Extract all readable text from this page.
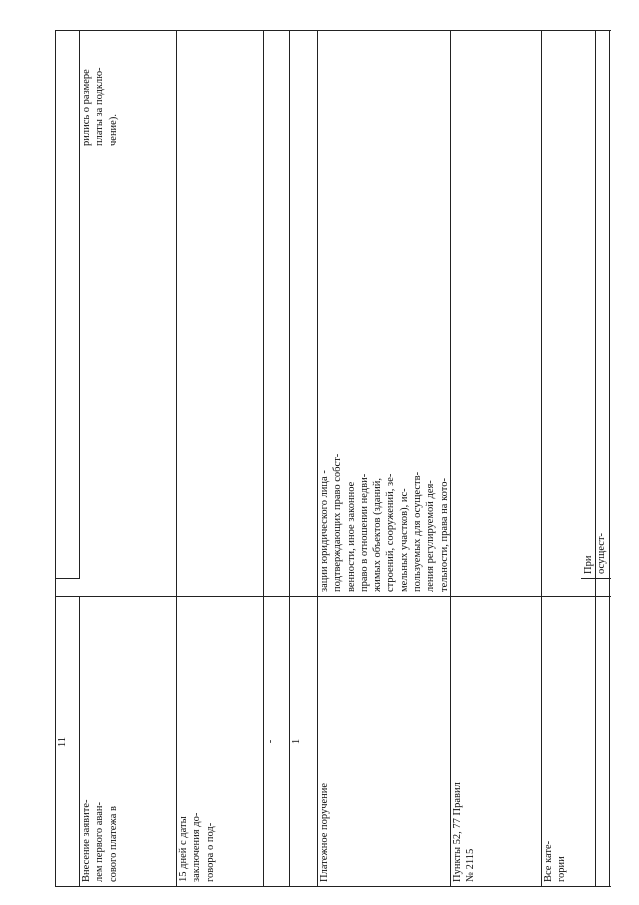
рились о размере
платы за подклю-
чение).
зации юридического лица -
подтверждающих право собст-
венности, иное законное
право в отношении недви-
жимых объектов (зданий,
строений, сооружений, зе-
мельных участков), ис-
пользуемых для осуществ-
ления регулируемой дея-
тельности, права на кото-

11
Внесение заявите-
лем первого аван-
сового платежа в
15 дней с даты
заключения до-
говора о под-
-	1
Платежное поручение	Пункты 52, 77 Правил
№ 2115
Все кате-
гории
При
осущест-
